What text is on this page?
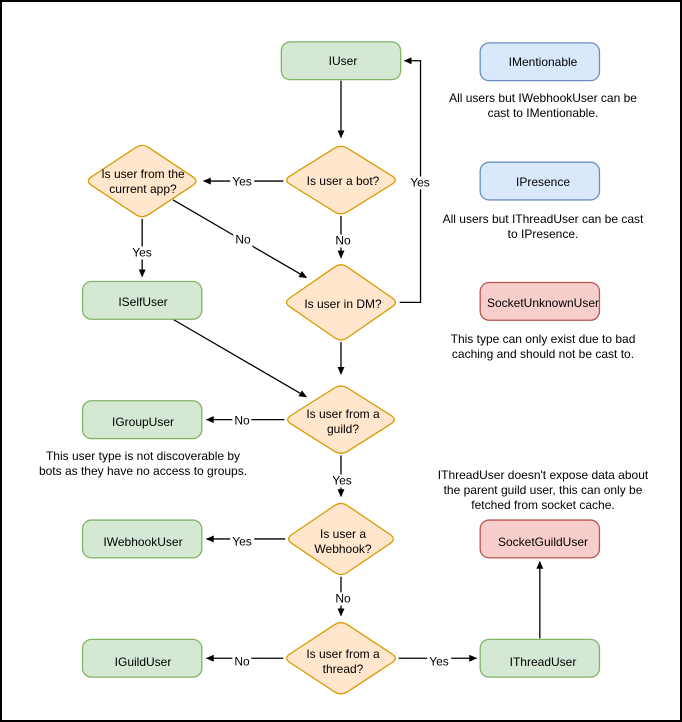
IUser	IMentionable
IPresence
SocketUnknownUser
ISelfUser
IGroupUser
IWebhookUser
IGuildUser
SocketGuildUser
IThreadUser
Is user a bot?
Is user from the current app?
Is user in DM?
Is user from a guild?
Is user a Webhook?
Is user from a thread?
Yes
No
No
Yes
Yes
No
Yes
Yes
No
No	Yes
All users but IWebhookUser can be cast to IMentionable.
All users but IThreadUser can be cast to IPresence.
This type can only exist due to bad caching and should not be cast to.
This user type is not discoverable by bots as they have no access to groups.	IThreadUser doesn't expose data about the parent guild user, this can only be fetched from socket cache.
